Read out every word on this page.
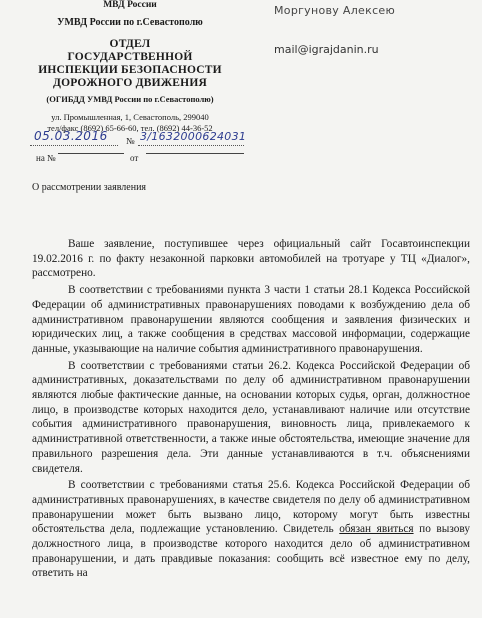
МВД России
УМВД России по г.Севастополю
ОТДЕЛ
ГОСУДАРСТВЕННОЙ
ИНСПЕКЦИИ БЕЗОПАСНОСТИ
ДОРОЖНОГО ДВИЖЕНИЯ
(ОГИБДД УМВД России по г.Севастополю)
ул. Промышленная, 1, Севастополь, 299040
тел/факс (8692) 65-66-60, тел. (8692) 44-36-52
05.03.2016 № 3/1632000624031
на №	от
Моргунову Алексею
mail@igrajdanin.ru
О рассмотрении заявления

Ваше заявление, поступившее через официальный сайт Госавтоинспекции 19.02.2016 г. по факту незаконной парковки автомобилей на тротуаре у ТЦ «Диалог», рассмотрено.

В соответствии с требованиями пункта 3 части 1 статьи 28.1 Кодекса Российской Федерации об административных правонарушениях поводами к возбуждению дела об административном правонарушении являются сообщения и заявления физических и юридических лиц, а также сообщения в средствах массовой информации, содержащие данные, указывающие на наличие события административного правонарушения.

В соответствии с требованиями статьи 26.2. Кодекса Российской Федерации об административных, доказательствами по делу об административном правонарушении являются любые фактические данные, на основании которых судья, орган, должностное лицо, в производстве которых находится дело, устанавливают наличие или отсутствие события административного правонарушения, виновность лица, привлекаемого к административной ответственности, а также иные обстоятельства, имеющие значение для правильного разрешения дела. Эти данные устанавливаются в т.ч. объяснениями свидетеля.

В соответствии с требованиями статья 25.6. Кодекса Российской Федерации об административных правонарушениях, в качестве свидетеля по делу об административном правонарушении может быть вызвано лицо, которому могут быть известны обстоятельства дела, подлежащие установлению. Свидетель обязан явиться по вызову должностного лица, в производстве которого находится дело об административном правонарушении, и дать правдивые показания: сообщить всё известное ему по делу, ответить на
